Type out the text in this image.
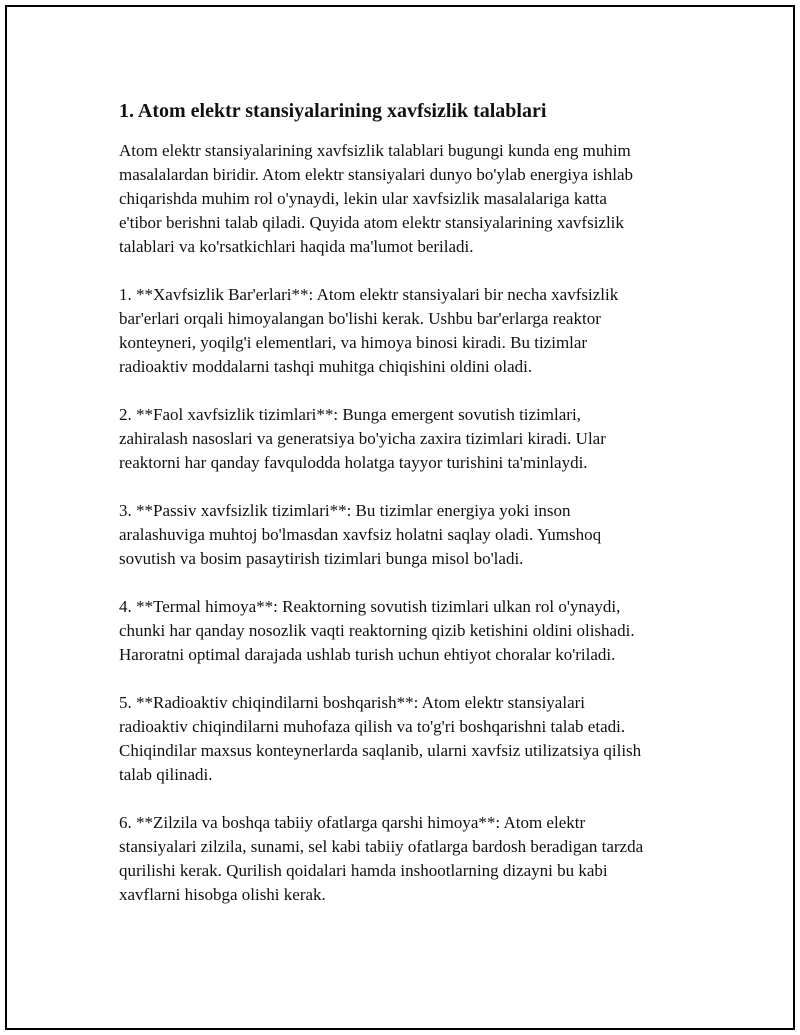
1. Atom elektr stansiyalarining xavfsizlik talablari
Atom elektr stansiyalarining xavfsizlik talablari bugungi kunda eng muhim
masalalardan biridir. Atom elektr stansiyalari dunyo bo'ylab energiya ishlab
chiqarishda muhim rol o'ynaydi, lekin ular xavfsizlik masalalariga katta
e'tibor berishni talab qiladi. Quyida atom elektr stansiyalarining xavfsizlik
talablari va ko'rsatkichlari haqida ma'lumot beriladi.
1. **Xavfsizlik Bar'erlari**: Atom elektr stansiyalari bir necha xavfsizlik
bar'erlari orqali himoyalangan bo'lishi kerak. Ushbu bar'erlarga reaktor
konteyneri, yoqilg'i elementlari, va himoya binosi kiradi. Bu tizimlar
radioaktiv moddalarni tashqi muhitga chiqishini oldini oladi.
2. **Faol xavfsizlik tizimlari**: Bunga emergent sovutish tizimlari,
zahiralash nasoslari va generatsiya bo'yicha zaxira tizimlari kiradi. Ular
reaktorni har qanday favqulodda holatga tayyor turishini ta'minlaydi.
3. **Passiv xavfsizlik tizimlari**: Bu tizimlar energiya yoki inson
aralashuviga muhtoj bo'lmasdan xavfsiz holatni saqlay oladi. Yumshoq
sovutish va bosim pasaytirish tizimlari bunga misol bo'ladi.
4. **Termal himoya**: Reaktorning sovutish tizimlari ulkan rol o'ynaydi,
chunki har qanday nosozlik vaqti reaktorning qizib ketishini oldini olishadi.
Haroratni optimal darajada ushlab turish uchun ehtiyot choralar ko'riladi.
5. **Radioaktiv chiqindilarni boshqarish**: Atom elektr stansiyalari
radioaktiv chiqindilarni muhofaza qilish va to'g'ri boshqarishni talab etadi.
Chiqindilar maxsus konteynerlarda saqlanib, ularni xavfsiz utilizatsiya qilish
talab qilinadi.
6. **Zilzila va boshqa tabiiy ofatlarga qarshi himoya**: Atom elektr
stansiyalari zilzila, sunami, sel kabi tabiiy ofatlarga bardosh beradigan tarzda
qurilishi kerak. Qurilish qoidalari hamda inshootlarning dizayni bu kabi
xavflarni hisobga olishi kerak.
